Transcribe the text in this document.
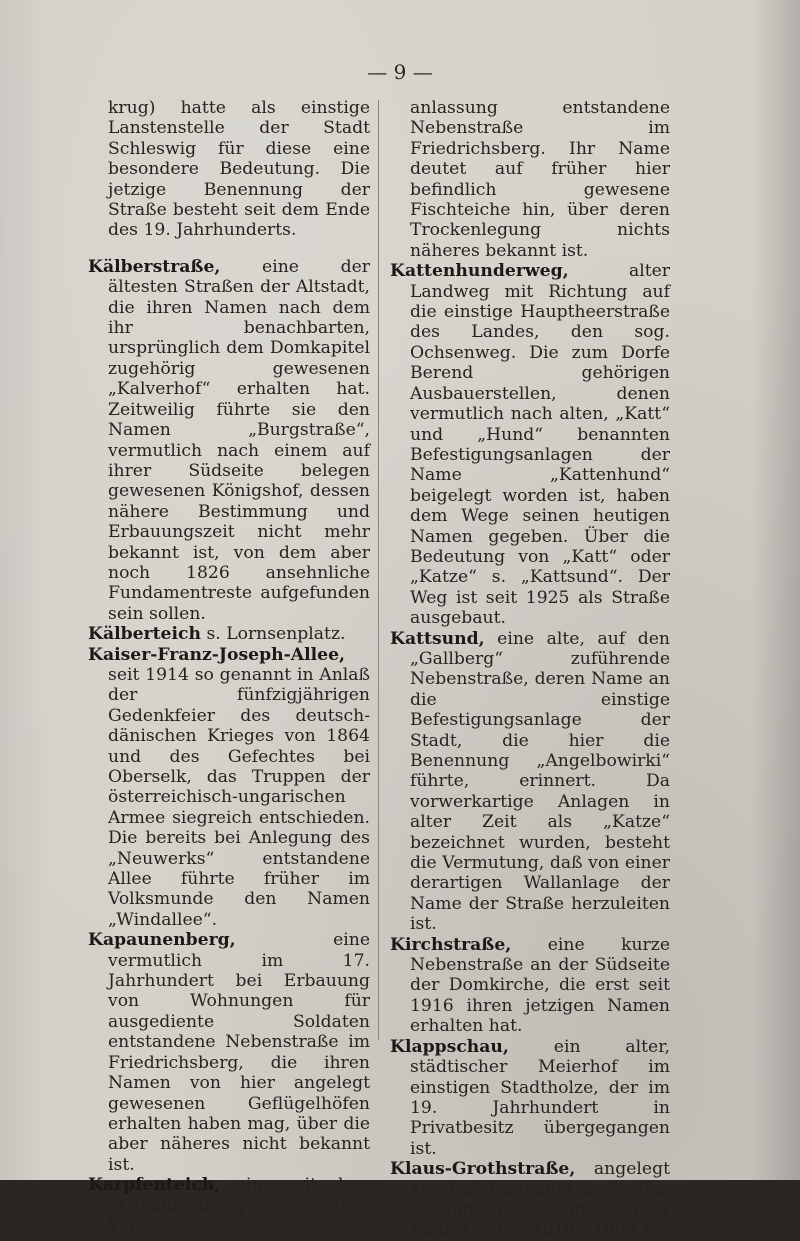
— 9 —

krug) hatte als einstige Lanstenstelle der Stadt Schleswig für diese eine besondere Bedeutung. Die jetzige Benennung der Straße besteht seit dem Ende des 19. Jahrhunderts.

Kälberstraße, eine der ältesten Straßen der Altstadt, die ihren Namen nach dem ihr benachbarten, ursprünglich dem Domkapitel zugehörig gewesenen „Kalverhof“ erhalten hat. Zeitweilig führte sie den Namen „Burgstraße“, vermutlich nach einem auf ihrer Südseite belegen gewesenen Königshof, dessen nähere Bestimmung und Erbauungszeit nicht mehr bekannt ist, von dem aber noch 1826 ansehnliche Fundamentreste aufgefunden sein sollen.

Kälberteich s. Lornsenplatz.

Kaiser-Franz-Joseph-Allee, seit 1914 so genannt in Anlaß der fünfzigjährigen Gedenkfeier des deutsch-dänischen Krieges von 1864 und des Gefechtes bei Oberselk, das Truppen der österreichisch-ungarischen Armee siegreich entschieden. Die bereits bei Anlegung des „Neuwerks“ entstandene Allee führte früher im Volksmunde den Namen „Windallee“.

Kapaunenberg, eine vermutlich im 17. Jahrhundert bei Erbauung von Wohnungen für ausgediente Soldaten entstandene Nebenstraße im Friedrichsberg, die ihren Namen von hier angelegt gewesenen Geflügelhöfen erhalten haben mag, über die aber näheres nicht bekannt ist.

Karpfenteich, eine mit dem „Kapaunenberg“ aus gleicher Ver-

anlassung entstandene Nebenstraße im Friedrichsberg. Ihr Name deutet auf früher hier befindlich gewesene Fischteiche hin, über deren Trockenlegung nichts näheres bekannt ist.

Kattenhunderweg, alter Landweg mit Richtung auf die einstige Hauptheerstraße des Landes, den sog. Ochsenweg. Die zum Dorfe Berend gehörigen Ausbauerstellen, denen vermutlich nach alten, „Katt“ und „Hund“ benannten Befestigungsanlagen der Name „Kattenhund“ beigelegt worden ist, haben dem Wege seinen heutigen Namen gegeben. Über die Bedeutung von „Katt“ oder „Katze“ s. „Kattsund“. Der Weg ist seit 1925 als Straße ausgebaut.

Kattsund, eine alte, auf den „Gallberg“ zuführende Nebenstraße, deren Name an die einstige Befestigungsanlage der Stadt, die hier die Benennung „Angelbowirki“ führte, erinnert. Da vorwerkartige Anlagen in alter Zeit als „Katze“ bezeichnet wurden, besteht die Vermutung, daß von einer derartigen Wallanlage der Name der Straße herzuleiten ist.

Kirchstraße, eine kurze Nebenstraße an der Südseite der Domkirche, die erst seit 1916 ihren jetzigen Namen erhalten hat.

Klappschau, ein alter, städtischer Meierhof im einstigen Stadtholze, der im 19. Jahrhundert in Privatbesitz übergegangen ist.

Klaus-Grothstraße, angelegt 1919 und benannt nach dem bekannten Heimatdichter Klaus Groth. (1819—1899.)
